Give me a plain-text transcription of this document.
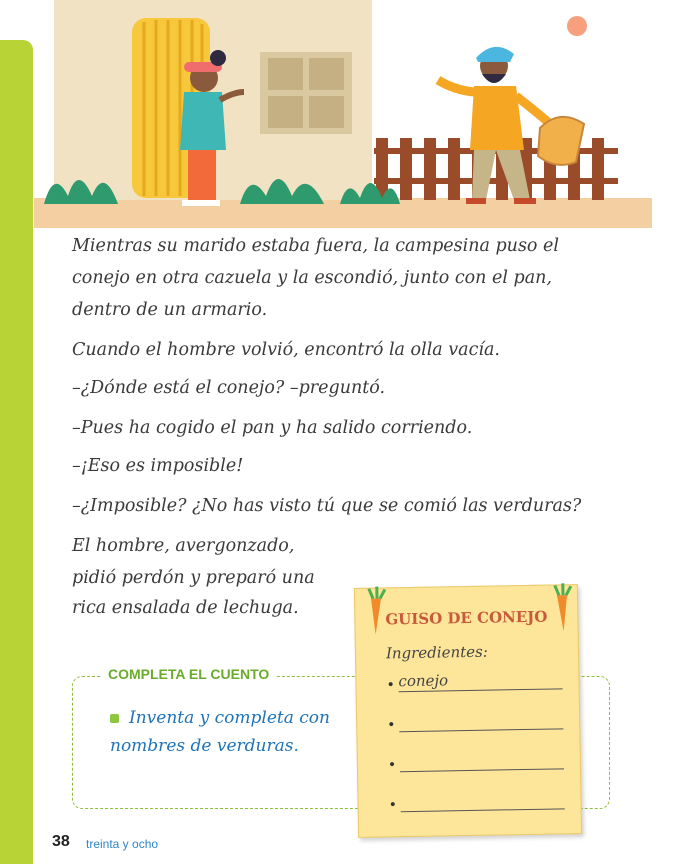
Mientras su marido estaba fuera, la campesina puso el

conejo en otra cazuela y la escondió, junto con el pan,

dentro de un armario.

Cuando el hombre volvió, encontró la olla vacía.

–¿Dónde está el conejo? –preguntó.

–Pues ha cogido el pan y ha salido corriendo.

–¡Eso es imposible!

–¿Imposible? ¿No has visto tú que se comió las verduras?

El hombre, avergonzado,

pidió perdón y preparó una

rica ensalada de lechuga.

COMPLETA EL CUENTO
Inventa y completa con nombres de verduras.
GUISO DE CONEJO
Ingredientes:
• conejo
•
•
•
38 treinta y ocho
